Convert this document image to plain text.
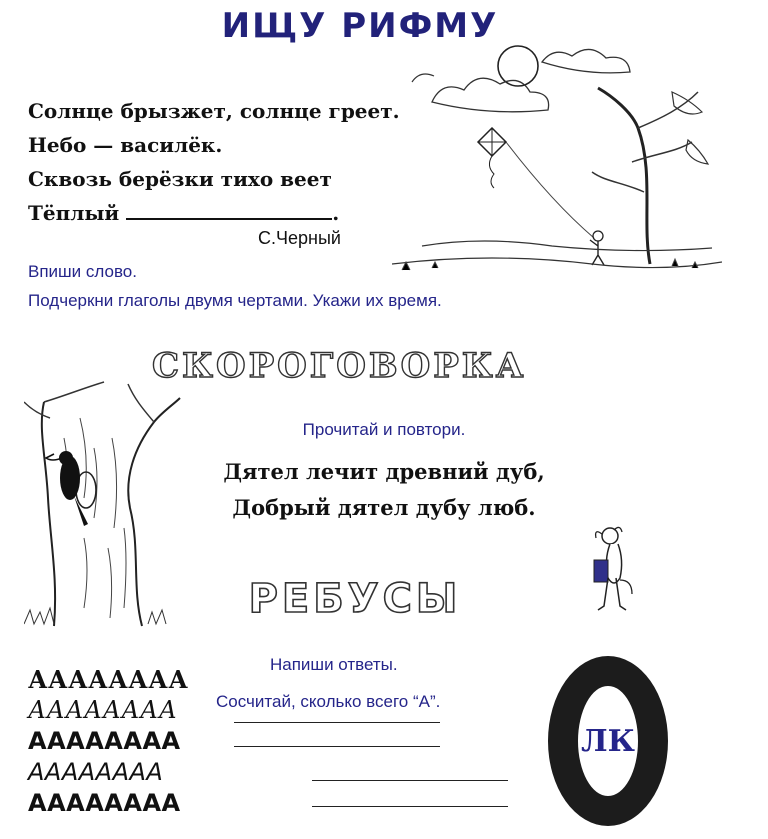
ИЩУ РИФМУ
Солнце брызжет, солнце греет.
Небо — василёк.
Сквозь берёзки тихо веет
Тёплый	.
С.Черный
Впиши слово.
Подчеркни глаголы двумя чертами. Укажи их время.
СКОРОГОВОРКА
Прочитай и повтори.
Дятел лечит древний дуб,
Добрый дятел дубу люб.
РЕБУСЫ
АААААААА
АААААААА
АААААААА
АААААААА
АААААААА
Напиши ответы.
Сосчитай, сколько всего “А”.
ЛК
